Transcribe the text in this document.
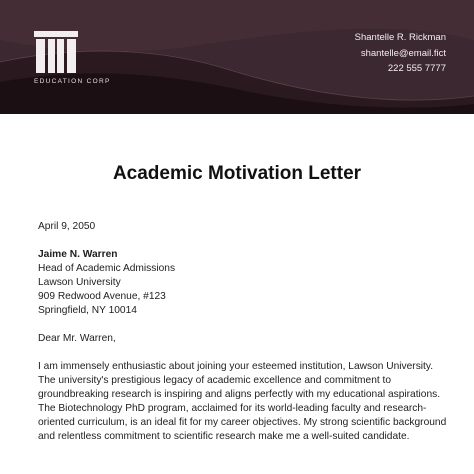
EDUCATION CORP
Shantelle R. Rickman
shantelle@email.fict
222 555 7777
Academic Motivation Letter

April 9, 2050

Jaime N. Warren

Head of Academic Admissions

Lawson University

909 Redwood Avenue, #123

Springfield, NY 10014

Dear Mr. Warren,

I am immensely enthusiastic about joining your esteemed institution, Lawson University. The university's prestigious legacy of academic excellence and commitment to groundbreaking research is inspiring and aligns perfectly with my educational aspirations. The Biotechnology PhD program, acclaimed for its world-leading faculty and research-oriented curriculum, is an ideal fit for my career objectives. My strong scientific background and relentless commitment to scientific research make me a well-suited candidate.
